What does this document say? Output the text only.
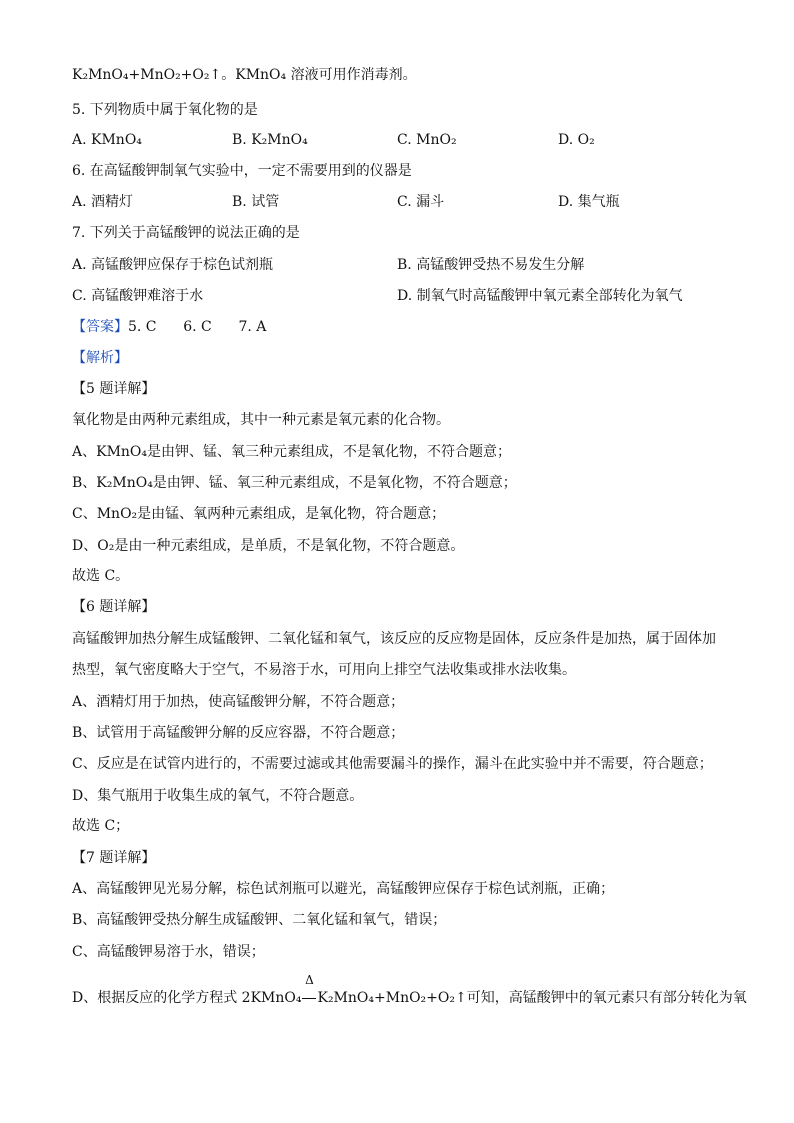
K₂MnO₄+MnO₂+O₂↑。KMnO₄ 溶液可用作消毒剂。
5. 下列物质中属于氧化物的是
A. KMnO₄	B. K₂MnO₄	C. MnO₂	D. O₂
6. 在高锰酸钾制氧气实验中，一定不需要用到的仪器是
A. 酒精灯	B. 试管	C. 漏斗	D. 集气瓶
7. 下列关于高锰酸钾的说法正确的是
A. 高锰酸钾应保存于棕色试剂瓶	B. 高锰酸钾受热不易发生分解
C. 高锰酸钾难溶于水	D. 制氧气时高锰酸钾中氧元素全部转化为氧气
【答案】5. C      6. C      7. A
【解析】
【5 题详解】
氧化物是由两种元素组成，其中一种元素是氧元素的化合物。
A、KMnO₄是由钾、锰、氧三种元素组成，不是氧化物，不符合题意；
B、K₂MnO₄是由钾、锰、氧三种元素组成，不是氧化物，不符合题意；
C、MnO₂是由锰、氧两种元素组成，是氧化物，符合题意；
D、O₂是由一种元素组成，是单质，不是氧化物，不符合题意。
故选 C。
【6 题详解】
高锰酸钾加热分解生成锰酸钾、二氧化锰和氧气，该反应的反应物是固体，反应条件是加热，属于固体加
热型，氧气密度略大于空气，不易溶于水，可用向上排空气法收集或排水法收集。
A、酒精灯用于加热，使高锰酸钾分解，不符合题意；
B、试管用于高锰酸钾分解的反应容器，不符合题意；
C、反应是在试管内进行的，不需要过滤或其他需要漏斗的操作，漏斗在此实验中并不需要，符合题意；
D、集气瓶用于收集生成的氧气，不符合题意。
故选 C；
【7 题详解】
A、高锰酸钾见光易分解，棕色试剂瓶可以避光，高锰酸钾应保存于棕色试剂瓶，正确；
B、高锰酸钾受热分解生成锰酸钾、二氧化锰和氧气，错误；
C、高锰酸钾易溶于水，错误；
D、根据反应的化学方程式 2KMnO₄
Δ
K₂MnO₄+MnO₂+O₂↑可知，高锰酸钾中的氧元素只有部分转化为氧
